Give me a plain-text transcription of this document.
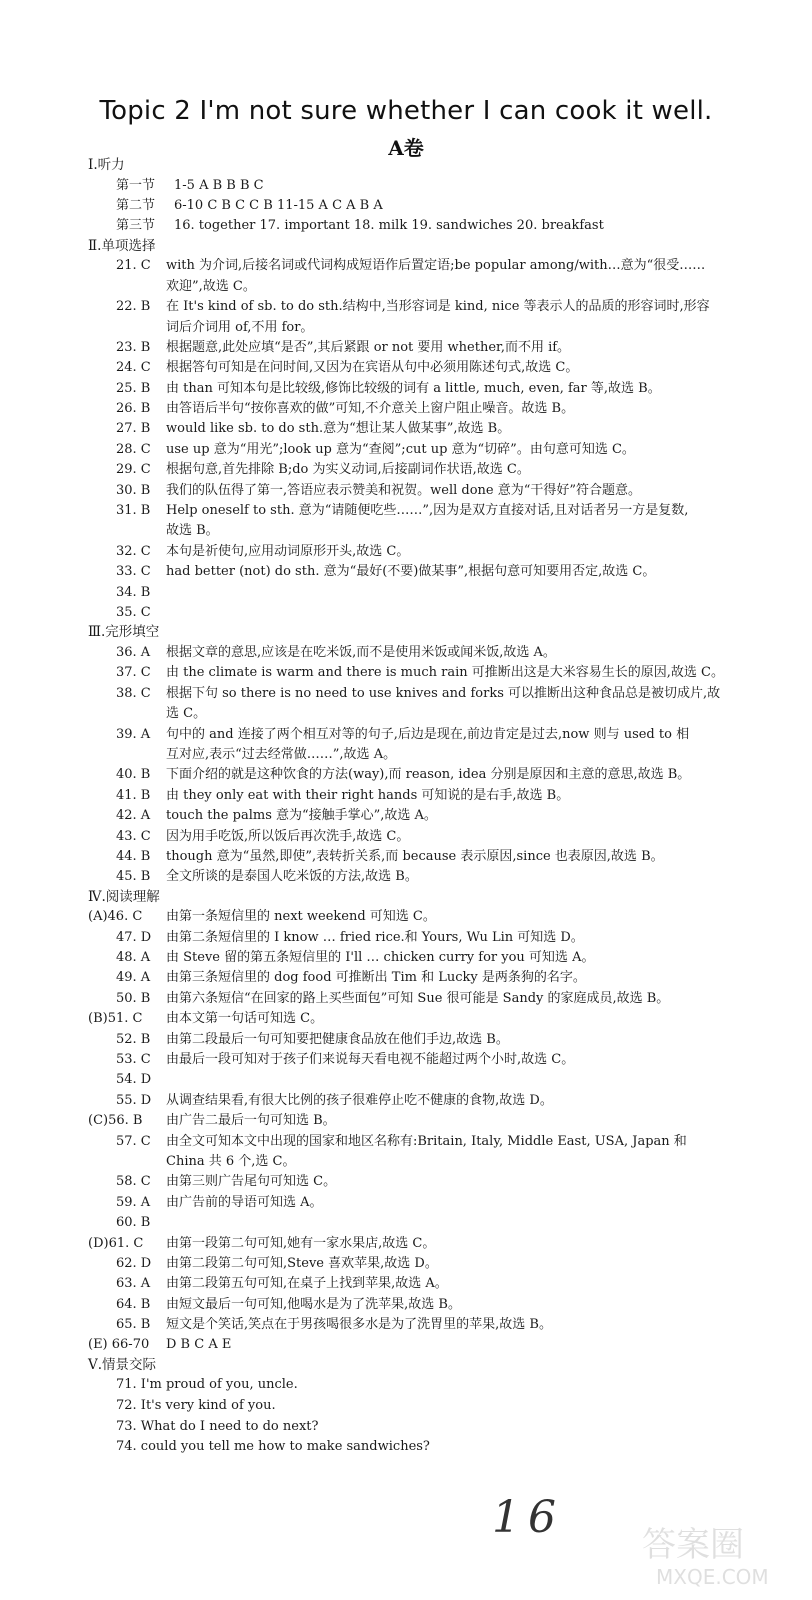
Topic 2 I'm not sure whether I can cook it well.
A卷
Ⅰ.听力
第一节	1-5 A B B B C
第二节	6-10 C B C C B 11-15 A C A B A
第三节	16. together 17. important 18. milk 19. sandwiches 20. breakfast
Ⅱ.单项选择
21. C	with 为介词,后接名词或代词构成短语作后置定语;be popular among/with…意为“很受……
欢迎”,故选 C。
22. B	在 It's kind of sb. to do sth.结构中,当形容词是 kind, nice 等表示人的品质的形容词时,形容
词后介词用 of,不用 for。
23. B	根据题意,此处应填“是否”,其后紧跟 or not 要用 whether,而不用 if。
24. C	根据答句可知是在问时间,又因为在宾语从句中必须用陈述句式,故选 C。
25. B	由 than 可知本句是比较级,修饰比较级的词有 a little, much, even, far 等,故选 B。
26. B	由答语后半句“按你喜欢的做”可知,不介意关上窗户阻止噪音。故选 B。
27. B	would like sb. to do sth.意为“想让某人做某事”,故选 B。
28. C	use up 意为“用光”;look up 意为“查阅”;cut up 意为“切碎”。由句意可知选 C。
29. C	根据句意,首先排除 B;do 为实义动词,后接副词作状语,故选 C。
30. B	我们的队伍得了第一,答语应表示赞美和祝贺。well done 意为“干得好”符合题意。
31. B	Help oneself to sth. 意为“请随便吃些……”,因为是双方直接对话,且对话者另一方是复数,
故选 B。
32. C	本句是祈使句,应用动词原形开头,故选 C。
33. C	had better (not) do sth. 意为“最好(不要)做某事”,根据句意可知要用否定,故选 C。
34. B
35. C
Ⅲ.完形填空
36. A	根据文章的意思,应该是在吃米饭,而不是使用米饭或闻米饭,故选 A。
37. C	由 the climate is warm and there is much rain 可推断出这是大米容易生长的原因,故选 C。
38. C	根据下句 so there is no need to use knives and forks 可以推断出这种食品总是被切成片,故
选 C。
39. A	句中的 and 连接了两个相互对等的句子,后边是现在,前边肯定是过去,now 则与 used to 相
互对应,表示“过去经常做……”,故选 A。
40. B	下面介绍的就是这种饮食的方法(way),而 reason, idea 分别是原因和主意的意思,故选 B。
41. B	由 they only eat with their right hands 可知说的是右手,故选 B。
42. A	touch the palms 意为“接触手掌心”,故选 A。
43. C	因为用手吃饭,所以饭后再次洗手,故选 C。
44. B	though 意为“虽然,即使”,表转折关系,而 because 表示原因,since 也表原因,故选 B。
45. B	全文所谈的是泰国人吃米饭的方法,故选 B。
Ⅳ.阅读理解
(A)46. C	由第一条短信里的 next weekend 可知选 C。
47. D	由第二条短信里的 I know … fried rice.和 Yours, Wu Lin 可知选 D。
48. A	由 Steve 留的第五条短信里的 I'll … chicken curry for you 可知选 A。
49. A	由第三条短信里的 dog food 可推断出 Tim 和 Lucky 是两条狗的名字。
50. B	由第六条短信“在回家的路上买些面包”可知 Sue 很可能是 Sandy 的家庭成员,故选 B。
(B)51. C	由本文第一句话可知选 C。
52. B	由第二段最后一句可知要把健康食品放在他们手边,故选 B。
53. C	由最后一段可知对于孩子们来说每天看电视不能超过两个小时,故选 C。
54. D
55. D	从调查结果看,有很大比例的孩子很难停止吃不健康的食物,故选 D。
(C)56. B	由广告二最后一句可知选 B。
57. C	由全文可知本文中出现的国家和地区名称有:Britain, Italy, Middle East, USA, Japan 和
China 共 6 个,选 C。
58. C	由第三则广告尾句可知选 C。
59. A	由广告前的导语可知选 A。
60. B
(D)61. C	由第一段第二句可知,她有一家水果店,故选 C。
62. D	由第二段第二句可知,Steve 喜欢苹果,故选 D。
63. A	由第二段第五句可知,在桌子上找到苹果,故选 A。
64. B	由短文最后一句可知,他喝水是为了洗苹果,故选 B。
65. B	短文是个笑话,笑点在于男孩喝很多水是为了洗胃里的苹果,故选 B。
(E) 66-70	D B C A E
Ⅴ.情景交际
71. I'm proud of you, uncle.
72. It's very kind of you.
73. What do I need to do next?
74. could you tell me how to make sandwiches?
16
答案圈
MXQE.COM
